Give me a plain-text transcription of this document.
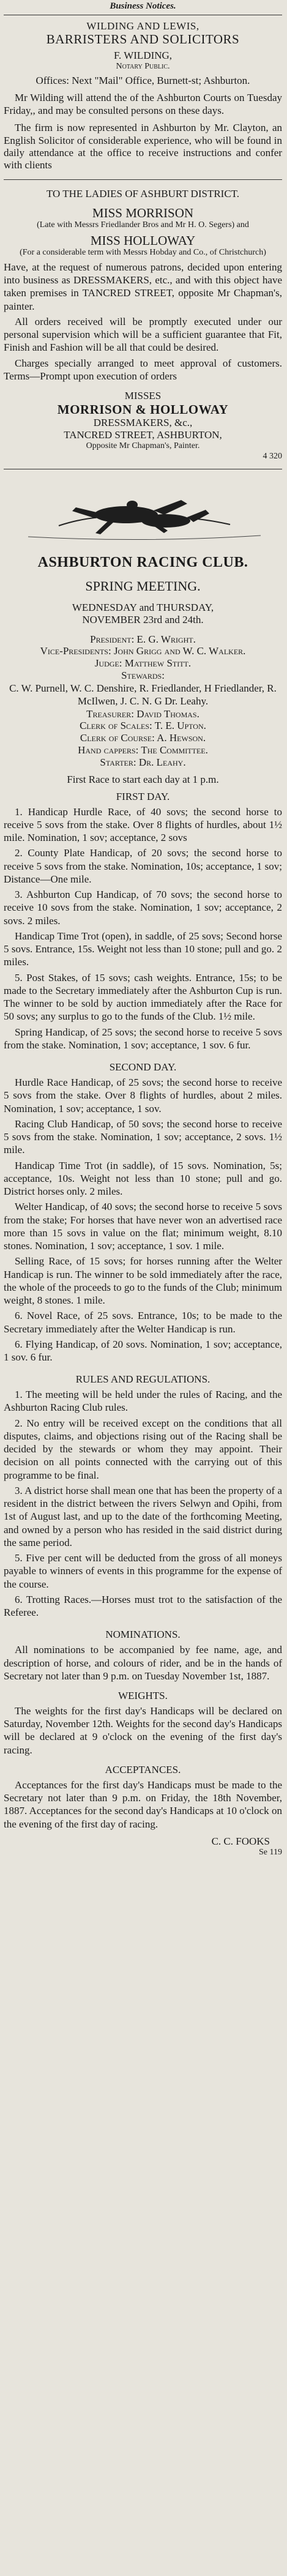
Business Notices.

WILDING AND LEWIS,

BARRISTERS AND SOLICITORS

F. WILDING,

Notary Public.

Offices: Next "Mail" Office, Burnett-st; Ashburton.

Mr Wilding will attend the of the Ashburton Courts on Tuesday Friday,, and may be consulted persons on these days.

The firm is now represented in Ashburton by Mr. Clayton, an English Solicitor of considerable experience, who will be found in daily attendance at the office to receive instructions and confer with clients

TO THE LADIES OF ASHBURT DISTRICT.

MISS MORRISON

(Late with Messrs Friedlander Bros and Mr H. O. Segers) and

MISS HOLLOWAY

(For a considerable term with Messrs Hobday and Co., of Christchurch)

Have, at the request of numerous patrons, decided upon entering into business as DRESSMAKERS, etc., and with this object have taken premises in TANCRED STREET, opposite Mr Chapman's, painter.

All orders received will be promptly executed under our personal supervision which will be a sufficient guarantee that Fit, Finish and Fashion will be all that could be desired.

Charges specially arranged to meet approval of customers. Terms—Prompt upon execution of orders

MISSES

MORRISON & HOLLOWAY

DRESSMAKERS, &c.,

TANCRED STREET, ASHBURTON,

Opposite Mr Chapman's, Painter.

4 320

ASHBURTON RACING CLUB.

SPRING MEETING.

WEDNESDAY and THURSDAY,

NOVEMBER 23rd and 24th.

President: E. G. Wright.

Vice-Presidents: John Grigg and W. C. Walker.

Judge: Matthew Stitt.

Stewards:

C. W. Purnell, W. C. Denshire, R. Friedlander, H Friedlander, R. McIlwen, J. C. N. G Dr. Leahy.

Treasurer: David Thomas.

Clerk of Scales: T. E. Upton.

Clerk of Course: A. Hewson.

Hand cappers: The Committee.

Starter: Dr. Leahy.

First Race to start each day at 1 p.m.

FIRST DAY.

1. Handicap Hurdle Race, of 40 sovs; the second horse to receive 5 sovs from the stake. Over 8 flights of hurdles, about 1½ mile. Nomination, 1 sov; acceptance, 2 sovs

2. County Plate Handicap, of 20 sovs; the second horse to receive 5 sovs from the stake. Nomination, 10s; acceptance, 1 sov; Distance—One mile.

3. Ashburton Cup Handicap, of 70 sovs; the second horse to receive 10 sovs from the stake. Nomination, 1 sov; acceptance, 2 sovs. 2 miles.

Handicap Time Trot (open), in saddle, of 25 sovs; Second horse 5 sovs. Entrance, 15s. Weight not less than 10 stone; pull and go. 2 miles.

5. Post Stakes, of 15 sovs; cash weights. Entrance, 15s; to be made to the Secretary immediately after the Ashburton Cup is run. The winner to be sold by auction immediately after the Race for 50 sovs; any surplus to go to the funds of the Club. 1½ mile.

Spring Handicap, of 25 sovs; the second horse to receive 5 sovs from the stake. Nomination, 1 sov; acceptance, 1 sov. 6 fur.

SECOND DAY.

Hurdle Race Handicap, of 25 sovs; the second horse to receive 5 sovs from the stake. Over 8 flights of hurdles, about 2 miles. Nomination, 1 sov; acceptance, 1 sov.

Racing Club Handicap, of 50 sovs; the second horse to receive 5 sovs from the stake. Nomination, 1 sov; acceptance, 2 sovs. 1½ mile.

Handicap Time Trot (in saddle), of 15 sovs. Nomination, 5s; acceptance, 10s. Weight not less than 10 stone; pull and go. District horses only. 2 miles.

Welter Handicap, of 40 sovs; the second horse to receive 5 sovs from the stake; For horses that have never won an advertised race more than 15 sovs in value on the flat; minimum weight, 8.10 stones. Nomination, 1 sov; acceptance, 1 sov. 1 mile.

Selling Race, of 15 sovs; for horses running after the Welter Handicap is run. The winner to be sold immediately after the race, the whole of the proceeds to go to the funds of the Club; minimum weight, 8 stones. 1 mile.

6. Novel Race, of 25 sovs. Entrance, 10s; to be made to the Secretary immediately after the Welter Handicap is run.

6. Flying Handicap, of 20 sovs. Nomination, 1 sov; acceptance, 1 sov. 6 fur.

RULES AND REGULATIONS.

1. The meeting will be held under the rules of Racing, and the Ashburton Racing Club rules.

2. No entry will be received except on the conditions that all disputes, claims, and objections rising out of the Racing shall be decided by the stewards or whom they may appoint. Their decision on all points connected with the carrying out of this programme to be final.

3. A district horse shall mean one that has been the property of a resident in the district between the rivers Selwyn and Opihi, from 1st of August last, and up to the date of the forthcoming Meeting, and owned by a person who has resided in the said district during the same period.

5. Five per cent will be deducted from the gross of all moneys payable to winners of events in this programme for the expense of the course.

6. Trotting Races.—Horses must trot to the satisfaction of the Referee.

NOMINATIONS.

All nominations to be accompanied by fee name, age, and description of horse, and colours of rider, and be in the hands of Secretary not later than 9 p.m. on Tuesday November 1st, 1887.

WEIGHTS.

The weights for the first day's Handicaps will be declared on Saturday, November 12th. Weights for the second day's Handicaps will be declared at 9 o'clock on the evening of the first day's racing.

ACCEPTANCES.

Acceptances for the first day's Handicaps must be made to the Secretary not later than 9 p.m. on Friday, the 18th November, 1887. Acceptances for the second day's Handicaps at 10 o'clock on the evening of the first day of racing.

C. C. FOOKS

Se 119
